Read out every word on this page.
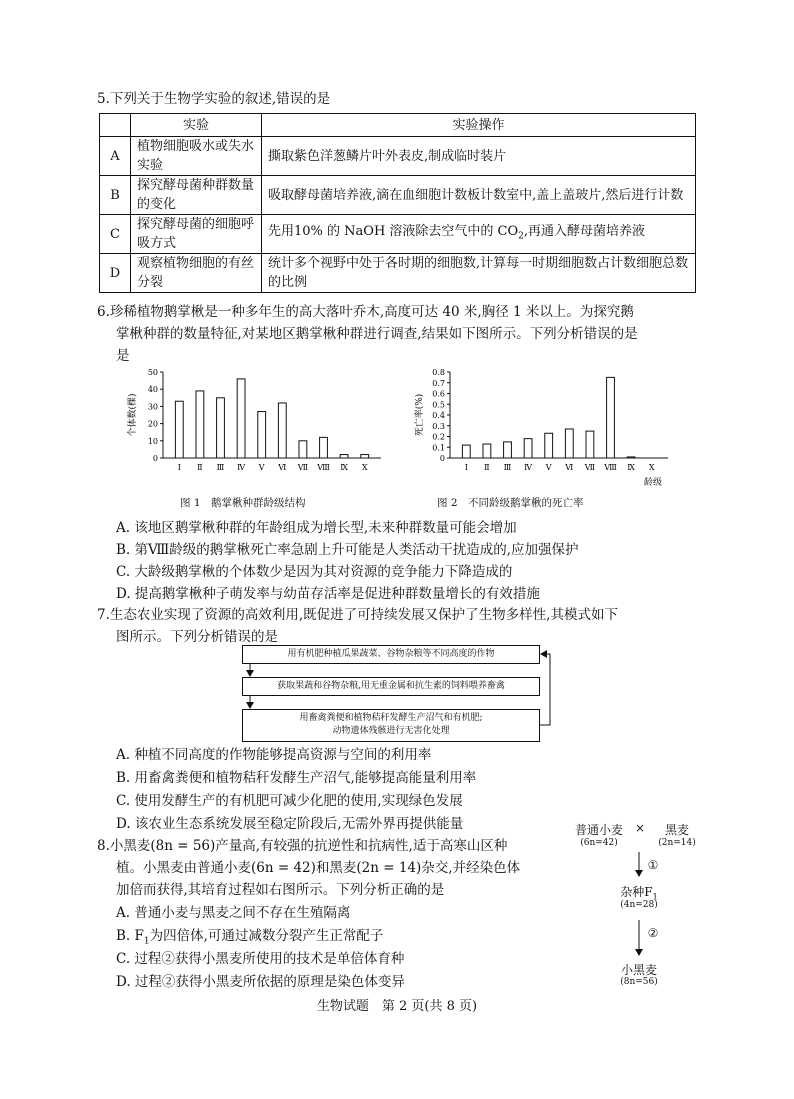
5.下列关于生物学实验的叙述,错误的是
	实验	实验操作
A	植物细胞吸水或失水实验	撕取紫色洋葱鳞片叶外表皮,制成临时装片
B	探究酵母菌种群数量的变化	吸取酵母菌培养液,滴在血细胞计数板计数室中,盖上盖玻片,然后进行计数
C	探究酵母菌的细胞呼吸方式	先用10% 的 NaOH 溶液除去空气中的 $CO_2$,再通入酵母菌培养液
D	观察植物细胞的有丝分裂	统计多个视野中处于各时期的细胞数,计算每一时期细胞数占计数细胞总数的比例
6.珍稀植物鹅掌楸是一种多年生的高大落叶乔木,高度可达 40 米,胸径 1 米以上。为探究鹅
掌楸种群的数量特征,对某地区鹅掌楸种群进行调查,结果如下图所示。下列分析错误的是
是
0
10
20
30
40
50
个体数(棵)
Ⅰ Ⅱ Ⅲ Ⅳ Ⅴ Ⅵ Ⅶ Ⅷ Ⅸ Ⅹ
图 1　鹅掌楸种群龄级结构
0
0.1
0.2
0.3
0.4
0.5
0.6
0.7
0.8
死亡率(%)
Ⅰ Ⅱ Ⅲ Ⅳ Ⅴ Ⅵ Ⅶ Ⅷ Ⅸ Ⅹ
龄级
图 2　不同龄级鹅掌楸的死亡率
A. 该地区鹅掌楸种群的年龄组成为增长型,未来种群数量可能会增加
B. 第Ⅷ龄级的鹅掌楸死亡率急剧上升可能是人类活动干扰造成的,应加强保护
C. 大龄级鹅掌楸的个体数少是因为其对资源的竞争能力下降造成的
D. 提高鹅掌楸种子萌发率与幼苗存活率是促进种群数量增长的有效措施
7.生态农业实现了资源的高效利用,既促进了可持续发展又保护了生物多样性,其模式如下
图所示。下列分析错误的是
用有机肥种植瓜果蔬菜、谷物杂粮等不同高度的作物
获取果蔬和谷物杂粮,用无重金属和抗生素的饲料喂养畜禽
用畜禽粪便和植物秸秆发酵生产沼气和有机肥;
动物遗体残骸进行无害化处理
A. 种植不同高度的作物能够提高资源与空间的利用率
B. 用畜禽粪便和植物秸秆发酵生产沼气,能够提高能量利用率
C. 使用发酵生产的有机肥可减少化肥的使用,实现绿色发展
D. 该农业生态系统发展至稳定阶段后,无需外界再提供能量
8.小黑麦(8n = 56)产量高,有较强的抗逆性和抗病性,适于高寒山区种
植。小黑麦由普通小麦(6n = 42)和黑麦(2n = 14)杂交,并经染色体
加倍而获得,其培育过程如右图所示。下列分析正确的是
A. 普通小麦与黑麦之间不存在生殖隔离
B. $F_1$为四倍体,可通过减数分裂产生正常配子
C. 过程②获得小黑麦所使用的技术是单倍体育种
D. 过程②获得小黑麦所依据的原理是染色体变异
普通小麦
(6n=42)
×	黑麦
(2n=14)
①
杂种$F_1$
(4n=28)
②
小黑麦
(8n=56)
生物试题　第 2 页(共 8 页)
